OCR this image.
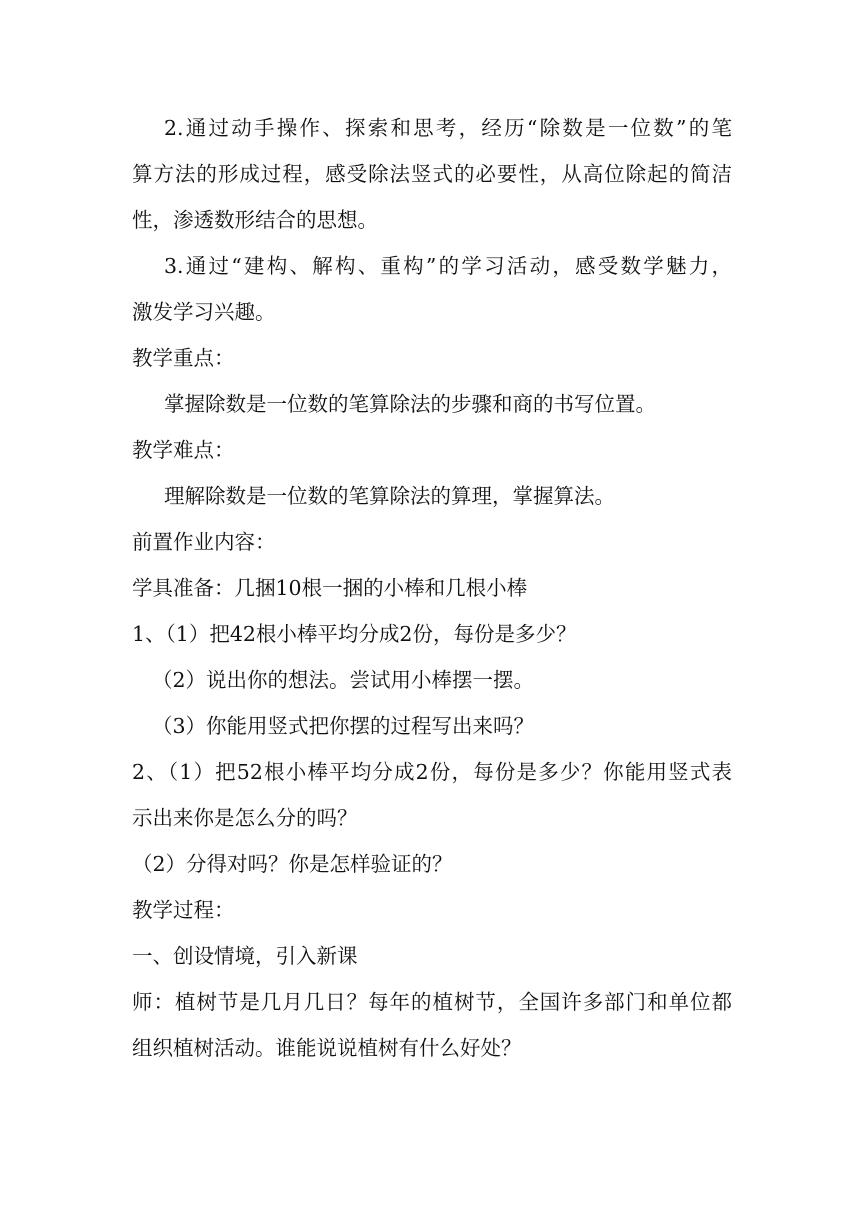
2.通过动手操作、探索和思考，经历“除数是一位数”的笔
算方法的形成过程，感受除法竖式的必要性，从高位除起的简洁
性，渗透数形结合的思想。
3.通过“建构、解构、重构”的学习活动，感受数学魅力，
激发学习兴趣。
教学重点：
掌握除数是一位数的笔算除法的步骤和商的书写位置。
教学难点：
理解除数是一位数的笔算除法的算理，掌握算法。
前置作业内容：
学具准备：几捆10根一捆的小棒和几根小棒
1、（1）把42根小棒平均分成2份，每份是多少？
（2）说出你的想法。尝试用小棒摆一摆。
（3）你能用竖式把你摆的过程写出来吗？
2、（1）把52根小棒平均分成2份，每份是多少？你能用竖式表
示出来你是怎么分的吗？
（2）分得对吗？你是怎样验证的？
教学过程：
一、创设情境，引入新课
师：植树节是几月几日？每年的植树节，全国许多部门和单位都
组织植树活动。谁能说说植树有什么好处？
